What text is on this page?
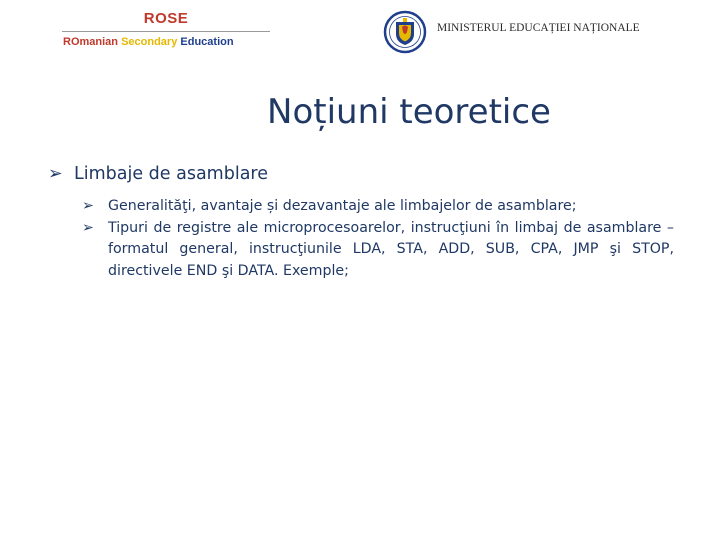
ROSE
ROmanian Secondary Education
MINISTERUL EDUCAȚIEI NAȚIONALE
Noțiuni teoretice
➢ Limbaje de asamblare
➢ Generalităţi, avantaje și dezavantaje ale limbajelor de asamblare;
➢ Tipuri de registre ale microprocesoarelor, instrucţiuni în limbaj de asamblare – formatul general, instrucţiunile LDA, STA, ADD, SUB, CPA, JMP şi STOP, directivele END şi DATA. Exemple;
